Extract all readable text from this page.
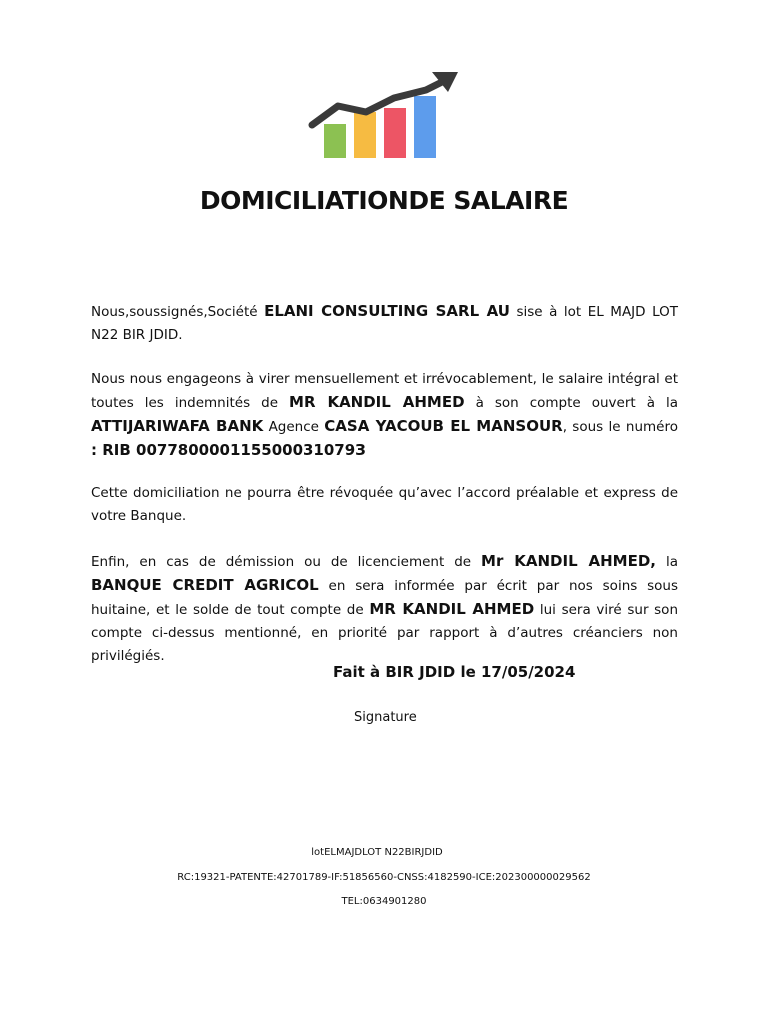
DOMICILIATIONDE SALAIRE
Nous,soussignés,Société ELANI CONSULTING SARL AU sise à lot EL MAJD LOT N22 BIR JDID.
Nous nous engageons à virer mensuellement et irrévocablement, le salaire intégral et toutes les indemnités de MR KANDIL AHMED à son compte ouvert à la ATTIJARIWAFA BANK Agence CASA YACOUB EL MANSOUR, sous le numéro : RIB 007780000115500031079З
Cette domiciliation ne pourra être révoquée qu’avec l’accord préalable et express de votre Banque.
Enfin, en cas de démission ou de licenciement de Mr KANDIL AHMED, la BANQUE CREDIT AGRICOL en sera informée par écrit par nos soins sous huitaine, et le solde de tout compte de MR KANDIL AHMED lui sera viré sur son compte ci-dessus mentionné, en priorité par rapport à d’autres créanciers non privilégiés.
Fait à BIR JDID le 17/05/2024
Signature
lotELMAJDLOT N22BIRJDID
RC:19321-PATENTE:42701789-IF:51856560-CNSS:4182590-ICE:202300000029562
TEL:0634901280
